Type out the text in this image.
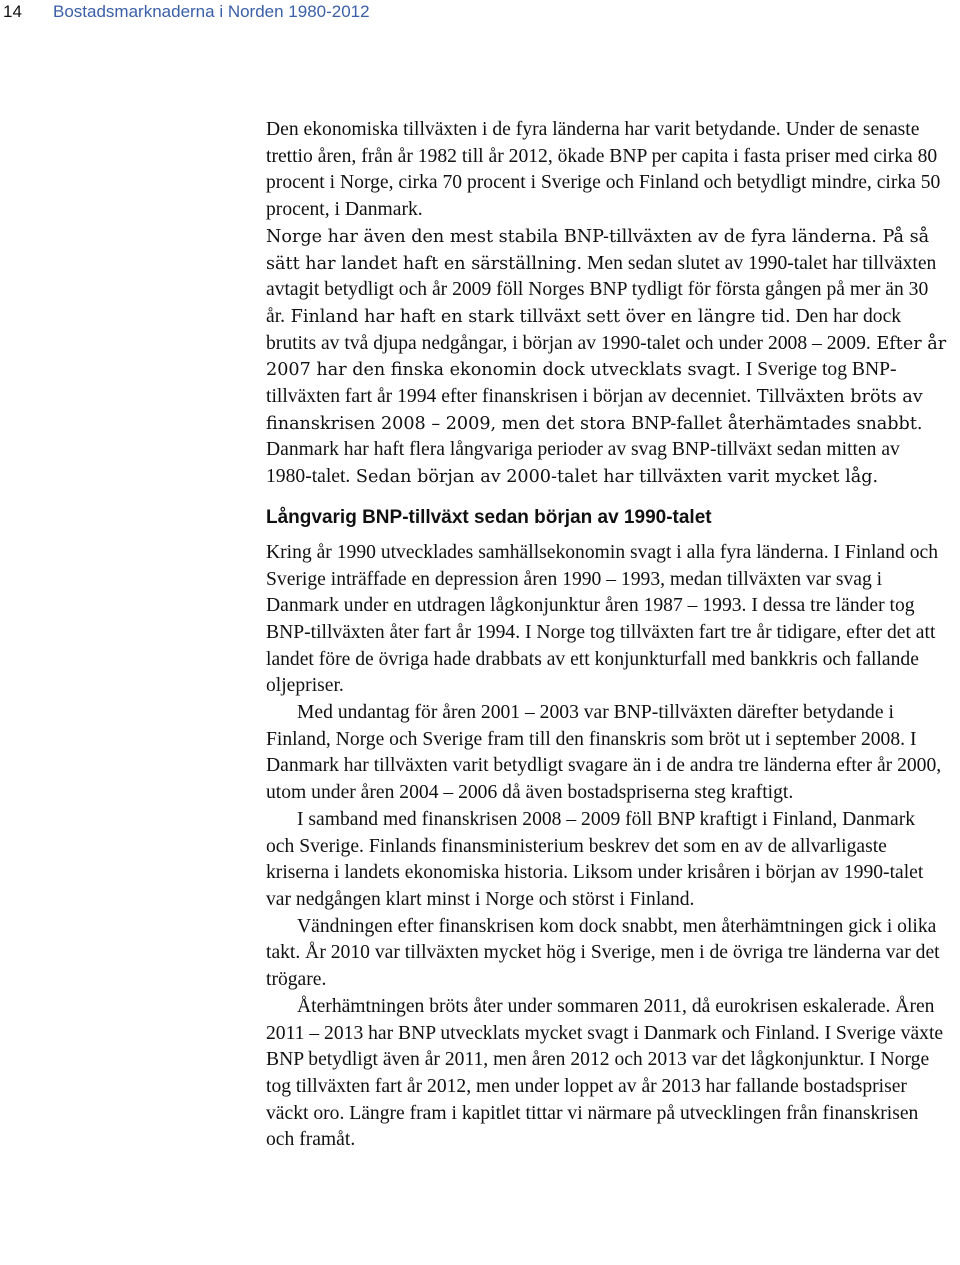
14 Bostadsmarknaderna i Norden 1980-2012

Den ekonomiska tillväxten i de fyra länderna har varit betydande. Under de senaste trettio åren, från år 1982 till år 2012, ökade BNP per capita i fasta priser med cirka 80 procent i Norge, cirka 70 procent i Sverige och Finland och betydligt mindre, cirka 50 procent, i Danmark.
Norge har även den mest stabila BNP-tillväxten av de fyra länderna. På så sätt har landet haft en särställning. Men sedan slutet av 1990-talet har tillväxten avtagit betydligt och år 2009 föll Norges BNP tydligt för första gången på mer än 30 år. Finland har haft en stark tillväxt sett över en längre tid. Den har dock brutits av två djupa nedgångar, i början av 1990-talet och under 2008 – 2009. Efter år 2007 har den finska ekonomin dock utvecklats svagt. I Sverige tog BNP-tillväxten fart år 1994 efter finanskrisen i början av decenniet. Tillväxten bröts av finanskrisen 2008 – 2009, men det stora BNP-fallet återhämtades snabbt. Danmark har haft flera långvariga perioder av svag BNP-tillväxt sedan mitten av 1980-talet. Sedan början av 2000-talet har tillväxten varit mycket låg.

Långvarig BNP-tillväxt sedan början av 1990-talet

Kring år 1990 utvecklades samhällsekonomin svagt i alla fyra länderna. I Finland och Sverige inträffade en depression åren 1990 – 1993, medan tillväxten var svag i Danmark under en utdragen lågkonjunktur åren 1987 – 1993. I dessa tre länder tog BNP-tillväxten åter fart år 1994. I Norge tog tillväxten fart tre år tidigare, efter det att landet före de övriga hade drabbats av ett konjunkturfall med bankkris och fallande oljepriser.

Med undantag för åren 2001 – 2003 var BNP-tillväxten därefter betydande i Finland, Norge och Sverige fram till den finanskris som bröt ut i september 2008. I Danmark har tillväxten varit betydligt svagare än i de andra tre länderna efter år 2000, utom under åren 2004 – 2006 då även bostadspriserna steg kraftigt.

I samband med finanskrisen 2008 – 2009 föll BNP kraftigt i Finland, Danmark och Sverige. Finlands finansministerium beskrev det som en av de allvarligaste kriserna i landets ekonomiska historia. Liksom under krisåren i början av 1990-talet var nedgången klart minst i Norge och störst i Finland.

Vändningen efter finanskrisen kom dock snabbt, men återhämtningen gick i olika takt. År 2010 var tillväxten mycket hög i Sverige, men i de övriga tre länderna var det trögare.

Återhämtningen bröts åter under sommaren 2011, då eurokrisen eskalerade. Åren 2011 – 2013 har BNP utvecklats mycket svagt i Danmark och Finland. I Sverige växte BNP betydligt även år 2011, men åren 2012 och 2013 var det lågkonjunktur. I Norge tog tillväxten fart år 2012, men under loppet av år 2013 har fallande bostadspriser väckt oro. Längre fram i kapitlet tittar vi närmare på utvecklingen från finanskrisen och framåt.
